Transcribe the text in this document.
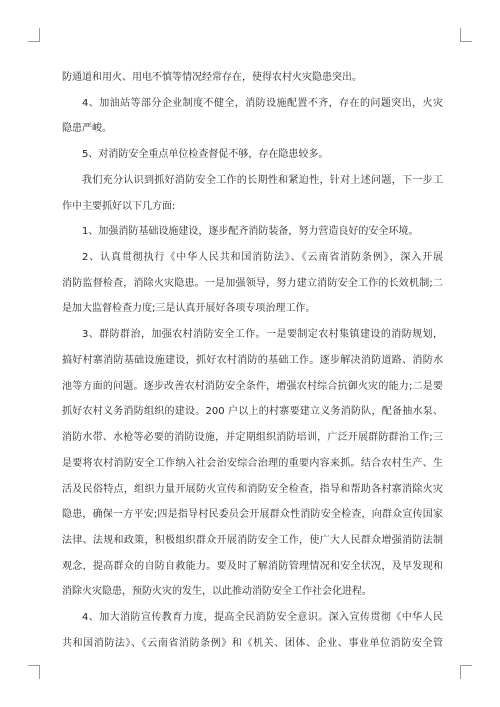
防通道和用火、用电不慎等情况经常存在，使得农村火灾隐患突出。
4、加油站等部分企业制度不健全，消防设施配置不齐，存在的问题突出，火灾
隐患严峻。
5、对消防安全重点单位检查督促不够，存在隐患较多。
我们充分认识到抓好消防安全工作的长期性和紧迫性，针对上述问题，下一步工
作中主要抓好以下几方面:
1、加强消防基础设施建设，逐步配齐消防装备，努力营造良好的安全环境。
2、认真贯彻执行《中华人民共和国消防法》、《云南省消防条例》，深入开展
消防监督检查，消除火灾隐患。一是加强领导，努力建立消防安全工作的长效机制;二
是加大监督检查力度;三是认真开展好各项专项治理工作。
3、群防群治，加强农村消防安全工作。一是要制定农村集镇建设的消防规划，
搞好村寨消防基础设施建设，抓好农村消防的基础工作。逐步解决消防道路、消防水
池等方面的问题。逐步改善农村消防安全条件，增强农村综合抗御火灾的能力;二是要
抓好农村义务消防组织的建设。200 户以上的村寨要建立义务消防队，配备抽水泵、
消防水带、水枪等必要的消防设施，并定期组织消防培训，广泛开展群防群治工作;三
是要将农村消防安全工作纳入社会治安综合治理的重要内容来抓。结合农村生产、生
活及民俗特点，组织力量开展防火宣传和消防安全检查，指导和帮助各村寨消除火灾
隐患，确保一方平安;四是指导村民委员会开展群众性消防安全检查，向群众宣传国家
法律、法规和政策，积极组织群众开展消防安全工作，使广大人民群众增强消防法制
观念，提高群众的自防自救能力。要及时了解消防管理情况和安全状况，及早发现和
消除火灾隐患，预防火灾的发生，以此推动消防安全工作社会化进程。
4、加大消防宣传教育力度，提高全民消防安全意识。深入宣传贯彻《中华人民
共和国消防法》、《云南省消防条例》和《机关、团体、企业、事业单位消防安全管
